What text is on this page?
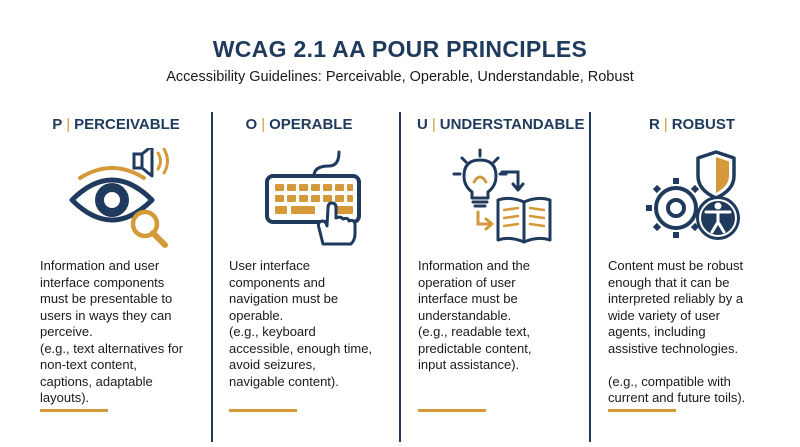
WCAG 2.1 AA POUR PRINCIPLES
Accessibility Guidelines: Perceivable, Operable, Understandable, Robust
P | PERCEIVABLE
Information and user
interface components
must be presentable to
users in ways they can
perceive.
(e.g., text alternatives for
non-text content,
captions, adaptable
layouts).
O | OPERABLE
User interface
components and
navigation must be
operable.
(e.g., keyboard
accessible, enough time,
avoid seizures,
navigable content).
U | UNDERSTANDABLE
Information and the
operation of user
interface must be
understandable.
(e.g., readable text,
predictable content,
input assistance).
R | ROBUST
Content must be robust
enough that it can be
interpreted reliably by a
wide variety of user
agents, including
assistive technologies.

(e.g., compatible with
current and future toils).
